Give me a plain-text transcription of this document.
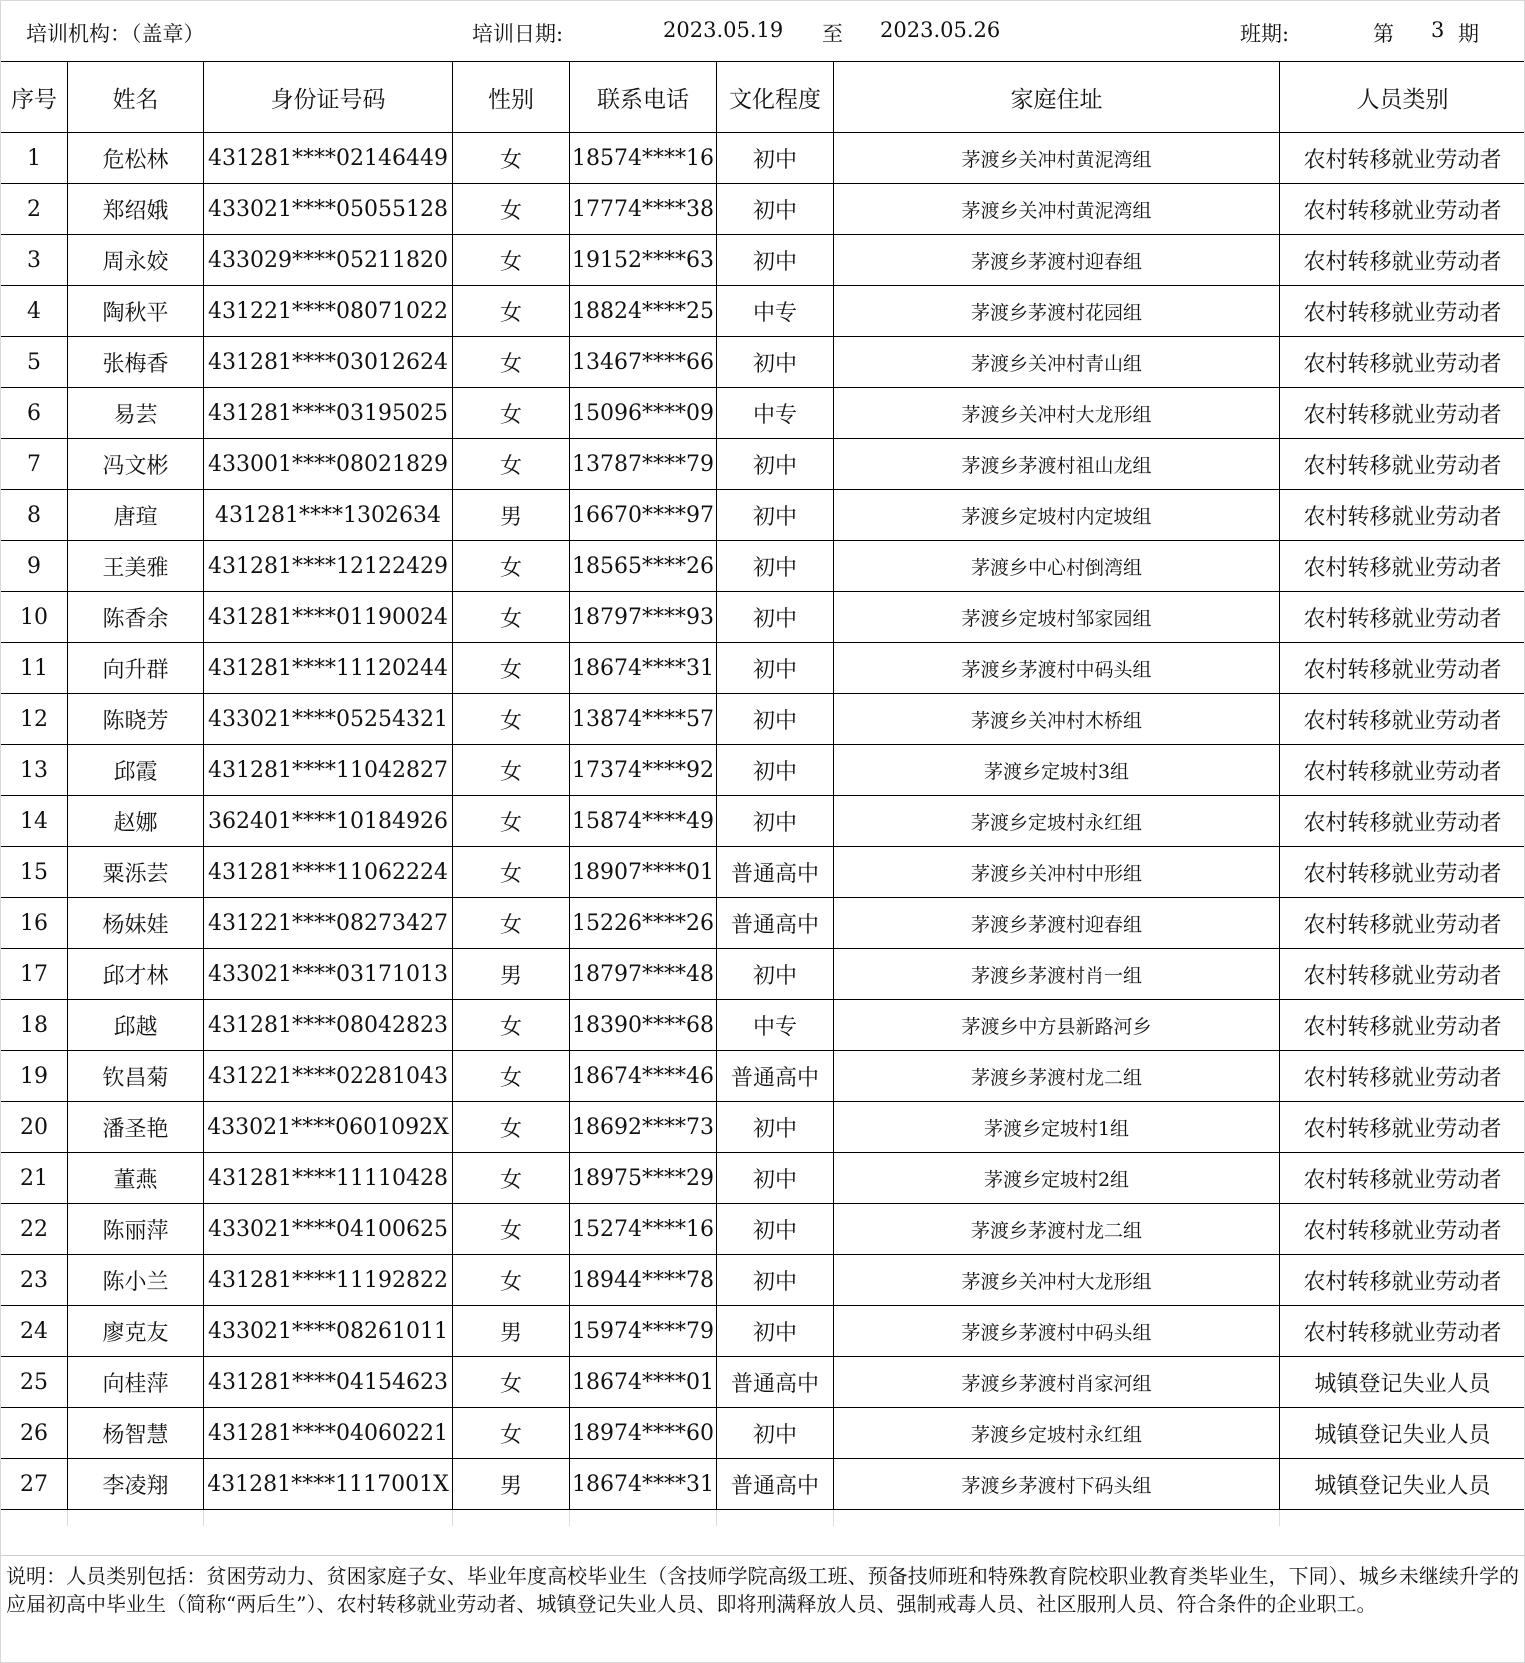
培训机构：（盖章）	培训日期:	2023.05.19 至 2023.05.26	班期:	第 3 期
序号	姓名	身份证号码	性别	联系电话	文化程度	家庭住址	人员类别
1	危松林	431281****02146449	女	18574****16	初中	茅渡乡关冲村黄泥湾组	农村转移就业劳动者
2	郑绍娥	433021****05055128	女	17774****38	初中	茅渡乡关冲村黄泥湾组	农村转移就业劳动者
3	周永姣	433029****05211820	女	19152****63	初中	茅渡乡茅渡村迎春组	农村转移就业劳动者
4	陶秋平	431221****08071022	女	18824****25	中专	茅渡乡茅渡村花园组	农村转移就业劳动者
5	张梅香	431281****03012624	女	13467****66	初中	茅渡乡关冲村青山组	农村转移就业劳动者
6	易芸	431281****03195025	女	15096****09	中专	茅渡乡关冲村大龙形组	农村转移就业劳动者
7	冯文彬	433001****08021829	女	13787****79	初中	茅渡乡茅渡村祖山龙组	农村转移就业劳动者
8	唐瑄	431281****1302634	男	16670****97	初中	茅渡乡定坡村内定坡组	农村转移就业劳动者
9	王美雅	431281****12122429	女	18565****26	初中	茅渡乡中心村倒湾组	农村转移就业劳动者
10	陈香余	431281****01190024	女	18797****93	初中	茅渡乡定坡村邹家园组	农村转移就业劳动者
11	向升群	431281****11120244	女	18674****31	初中	茅渡乡茅渡村中码头组	农村转移就业劳动者
12	陈晓芳	433021****05254321	女	13874****57	初中	茅渡乡关冲村木桥组	农村转移就业劳动者
13	邱霞	431281****11042827	女	17374****92	初中	茅渡乡定坡村3组	农村转移就业劳动者
14	赵娜	362401****10184926	女	15874****49	初中	茅渡乡定坡村永红组	农村转移就业劳动者
15	粟泺芸	431281****11062224	女	18907****01	普通高中	茅渡乡关冲村中形组	农村转移就业劳动者
16	杨妹娃	431221****08273427	女	15226****26	普通高中	茅渡乡茅渡村迎春组	农村转移就业劳动者
17	邱才林	433021****03171013	男	18797****48	初中	茅渡乡茅渡村肖一组	农村转移就业劳动者
18	邱越	431281****08042823	女	18390****68	中专	茅渡乡中方县新路河乡	农村转移就业劳动者
19	钦昌菊	431221****02281043	女	18674****46	普通高中	茅渡乡茅渡村龙二组	农村转移就业劳动者
20	潘圣艳	433021****0601092X	女	18692****73	初中	茅渡乡定坡村1组	农村转移就业劳动者
21	董燕	431281****11110428	女	18975****29	初中	茅渡乡定坡村2组	农村转移就业劳动者
22	陈丽萍	433021****04100625	女	15274****16	初中	茅渡乡茅渡村龙二组	农村转移就业劳动者
23	陈小兰	431281****11192822	女	18944****78	初中	茅渡乡关冲村大龙形组	农村转移就业劳动者
24	廖克友	433021****08261011	男	15974****79	初中	茅渡乡茅渡村中码头组	农村转移就业劳动者
25	向桂萍	431281****04154623	女	18674****01	普通高中	茅渡乡茅渡村肖家河组	城镇登记失业人员
26	杨智慧	431281****04060221	女	18974****60	初中	茅渡乡定坡村永红组	城镇登记失业人员
27	李凌翔	431281****1117001X	男	18674****31	普通高中	茅渡乡茅渡村下码头组	城镇登记失业人员

说明：人员类别包括：贫困劳动力、贫困家庭子女、毕业年度高校毕业生（含技师学院高级工班、预备技师班和特殊教育院校职业教育类毕业生，下同）、城乡未继续升学的应届初高中毕业生（简称“两后生”）、农村转移就业劳动者、城镇登记失业人员、即将刑满释放人员、强制戒毒人员、社区服刑人员、符合条件的企业职工。
